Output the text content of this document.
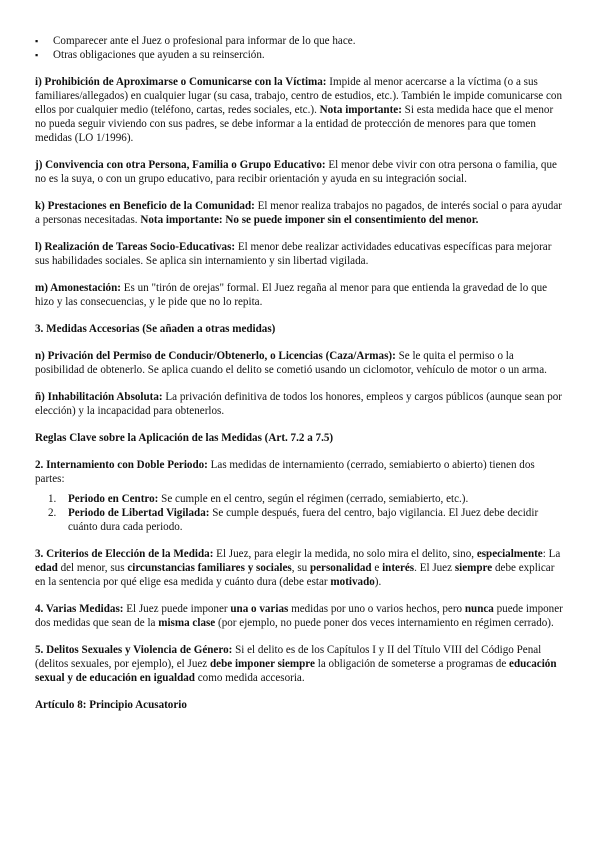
▪ Comparecer ante el Juez o profesional para informar de lo que hace.
▪ Otras obligaciones que ayuden a su reinserción.

i) Prohibición de Aproximarse o Comunicarse con la Víctima: Impide al menor acercarse a la víctima (o a sus familiares/allegados) en cualquier lugar (su casa, trabajo, centro de estudios, etc.). También le impide comunicarse con ellos por cualquier medio (teléfono, cartas, redes sociales, etc.). Nota importante: Si esta medida hace que el menor no pueda seguir viviendo con sus padres, se debe informar a la entidad de protección de menores para que tomen medidas (LO 1/1996).

j) Convivencia con otra Persona, Familia o Grupo Educativo: El menor debe vivir con otra persona o familia, que no es la suya, o con un grupo educativo, para recibir orientación y ayuda en su integración social.

k) Prestaciones en Beneficio de la Comunidad: El menor realiza trabajos no pagados, de interés social o para ayudar a personas necesitadas. Nota importante: No se puede imponer sin el consentimiento del menor.

l) Realización de Tareas Socio-Educativas: El menor debe realizar actividades educativas específicas para mejorar sus habilidades sociales. Se aplica sin internamiento y sin libertad vigilada.

m) Amonestación: Es un "tirón de orejas" formal. El Juez regaña al menor para que entienda la gravedad de lo que hizo y las consecuencias, y le pide que no lo repita.

3. Medidas Accesorias (Se añaden a otras medidas)

n) Privación del Permiso de Conducir/Obtenerlo, o Licencias (Caza/Armas): Se le quita el permiso o la posibilidad de obtenerlo. Se aplica cuando el delito se cometió usando un ciclomotor, vehículo de motor o un arma.

ñ) Inhabilitación Absoluta: La privación definitiva de todos los honores, empleos y cargos públicos (aunque sean por elección) y la incapacidad para obtenerlos.

Reglas Clave sobre la Aplicación de las Medidas (Art. 7.2 a 7.5)

2. Internamiento con Doble Periodo: Las medidas de internamiento (cerrado, semiabierto o abierto) tienen dos partes:

1. Periodo en Centro: Se cumple en el centro, según el régimen (cerrado, semiabierto, etc.).
2. Periodo de Libertad Vigilada: Se cumple después, fuera del centro, bajo vigilancia. El Juez debe decidir cuánto dura cada periodo.

3. Criterios de Elección de la Medida: El Juez, para elegir la medida, no solo mira el delito, sino, especialmente: La edad del menor, sus circunstancias familiares y sociales, su personalidad e interés. El Juez siempre debe explicar en la sentencia por qué elige esa medida y cuánto dura (debe estar motivado).

4. Varias Medidas: El Juez puede imponer una o varias medidas por uno o varios hechos, pero nunca puede imponer dos medidas que sean de la misma clase (por ejemplo, no puede poner dos veces internamiento en régimen cerrado).

5. Delitos Sexuales y Violencia de Género: Si el delito es de los Capítulos I y II del Título VIII del Código Penal (delitos sexuales, por ejemplo), el Juez debe imponer siempre la obligación de someterse a programas de educación sexual y de educación en igualdad como medida accesoria.

Artículo 8: Principio Acusatorio
